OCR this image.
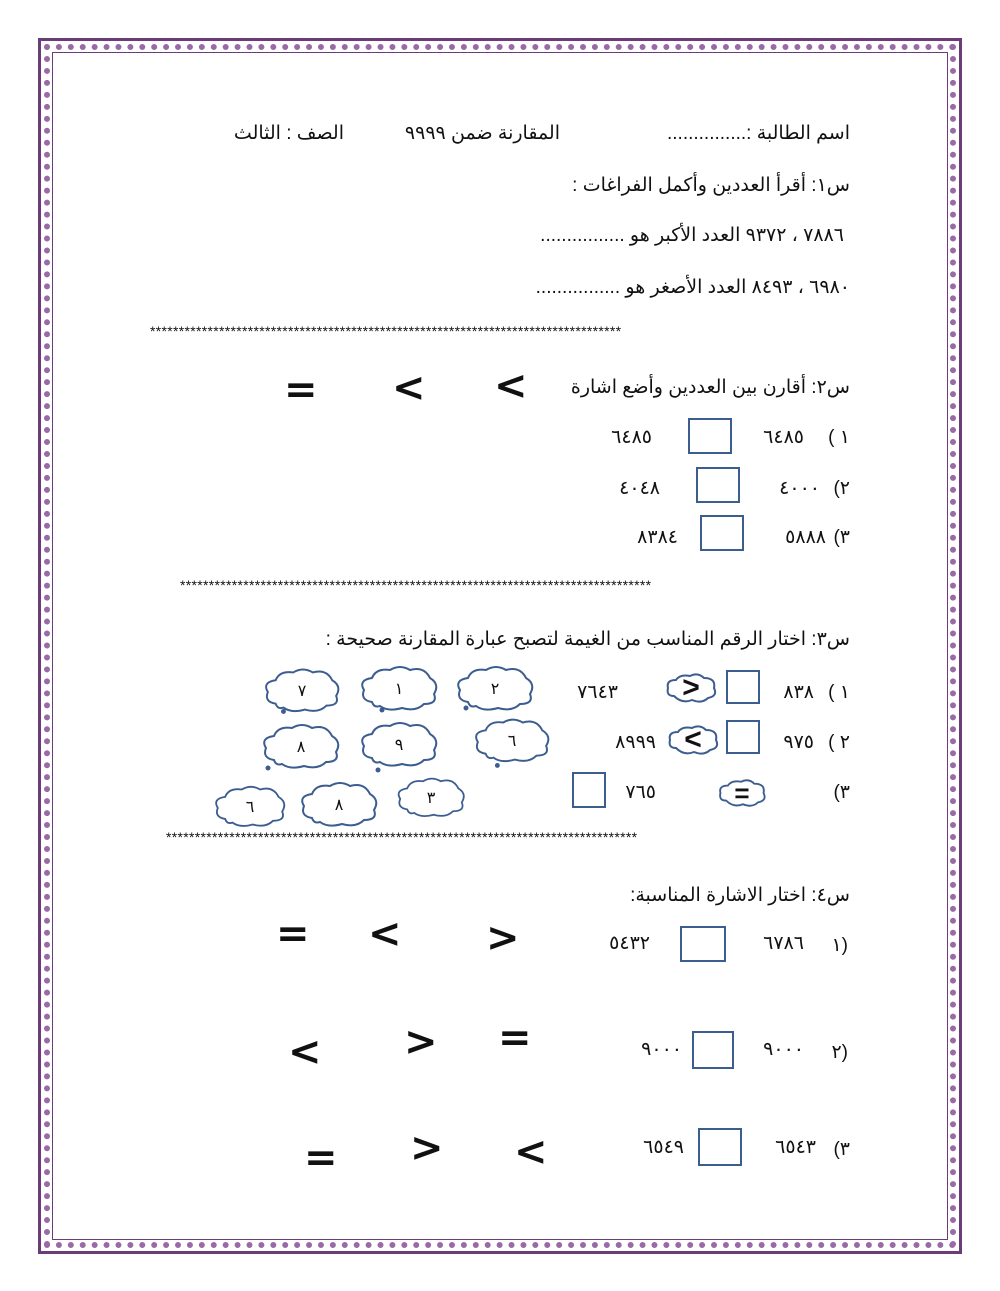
اسم الطالبة :...............
المقارنة ضمن ٩٩٩٩
الصف : الثالث
س١: أقرأ العددين وأكمل الفراغات :
٧٨٨٦ ، ٩٣٧٢ العدد الأكبر هو ................
٦٩٨٠ ، ٨٤٩٣ العدد الأصغر هو ................
**********************************************************************************
س٢: أقارن بين العددين وأضع اشارة
<
<
=
١ )
٦٤٨٥
٦٤٨٥
٢)
٤٠٠٠
٤٠٤٨
٣)
٥٨٨٨
٨٣٨٤
**********************************************************************************
س٣: اختار الرقم المناسب من الغيمة لتصبح عبارة المقارنة صحيحة :
١ )
٨٣٨
<
٧٦٤٣
٢
١
٧
٢ )
٩٧٥
>
٨٩٩٩
٦
٩
٨
٣)
=
٧٦٥
٣
٨
٦
**********************************************************************************
س٤: اختار الاشارة المناسبة:
(١
٦٧٨٦
٥٤٣٢
>
<
=
(٢
٩٠٠٠
٩٠٠٠
=
>
<
٣)
٦٥٤٣
٦٥٤٩
<
>
=
